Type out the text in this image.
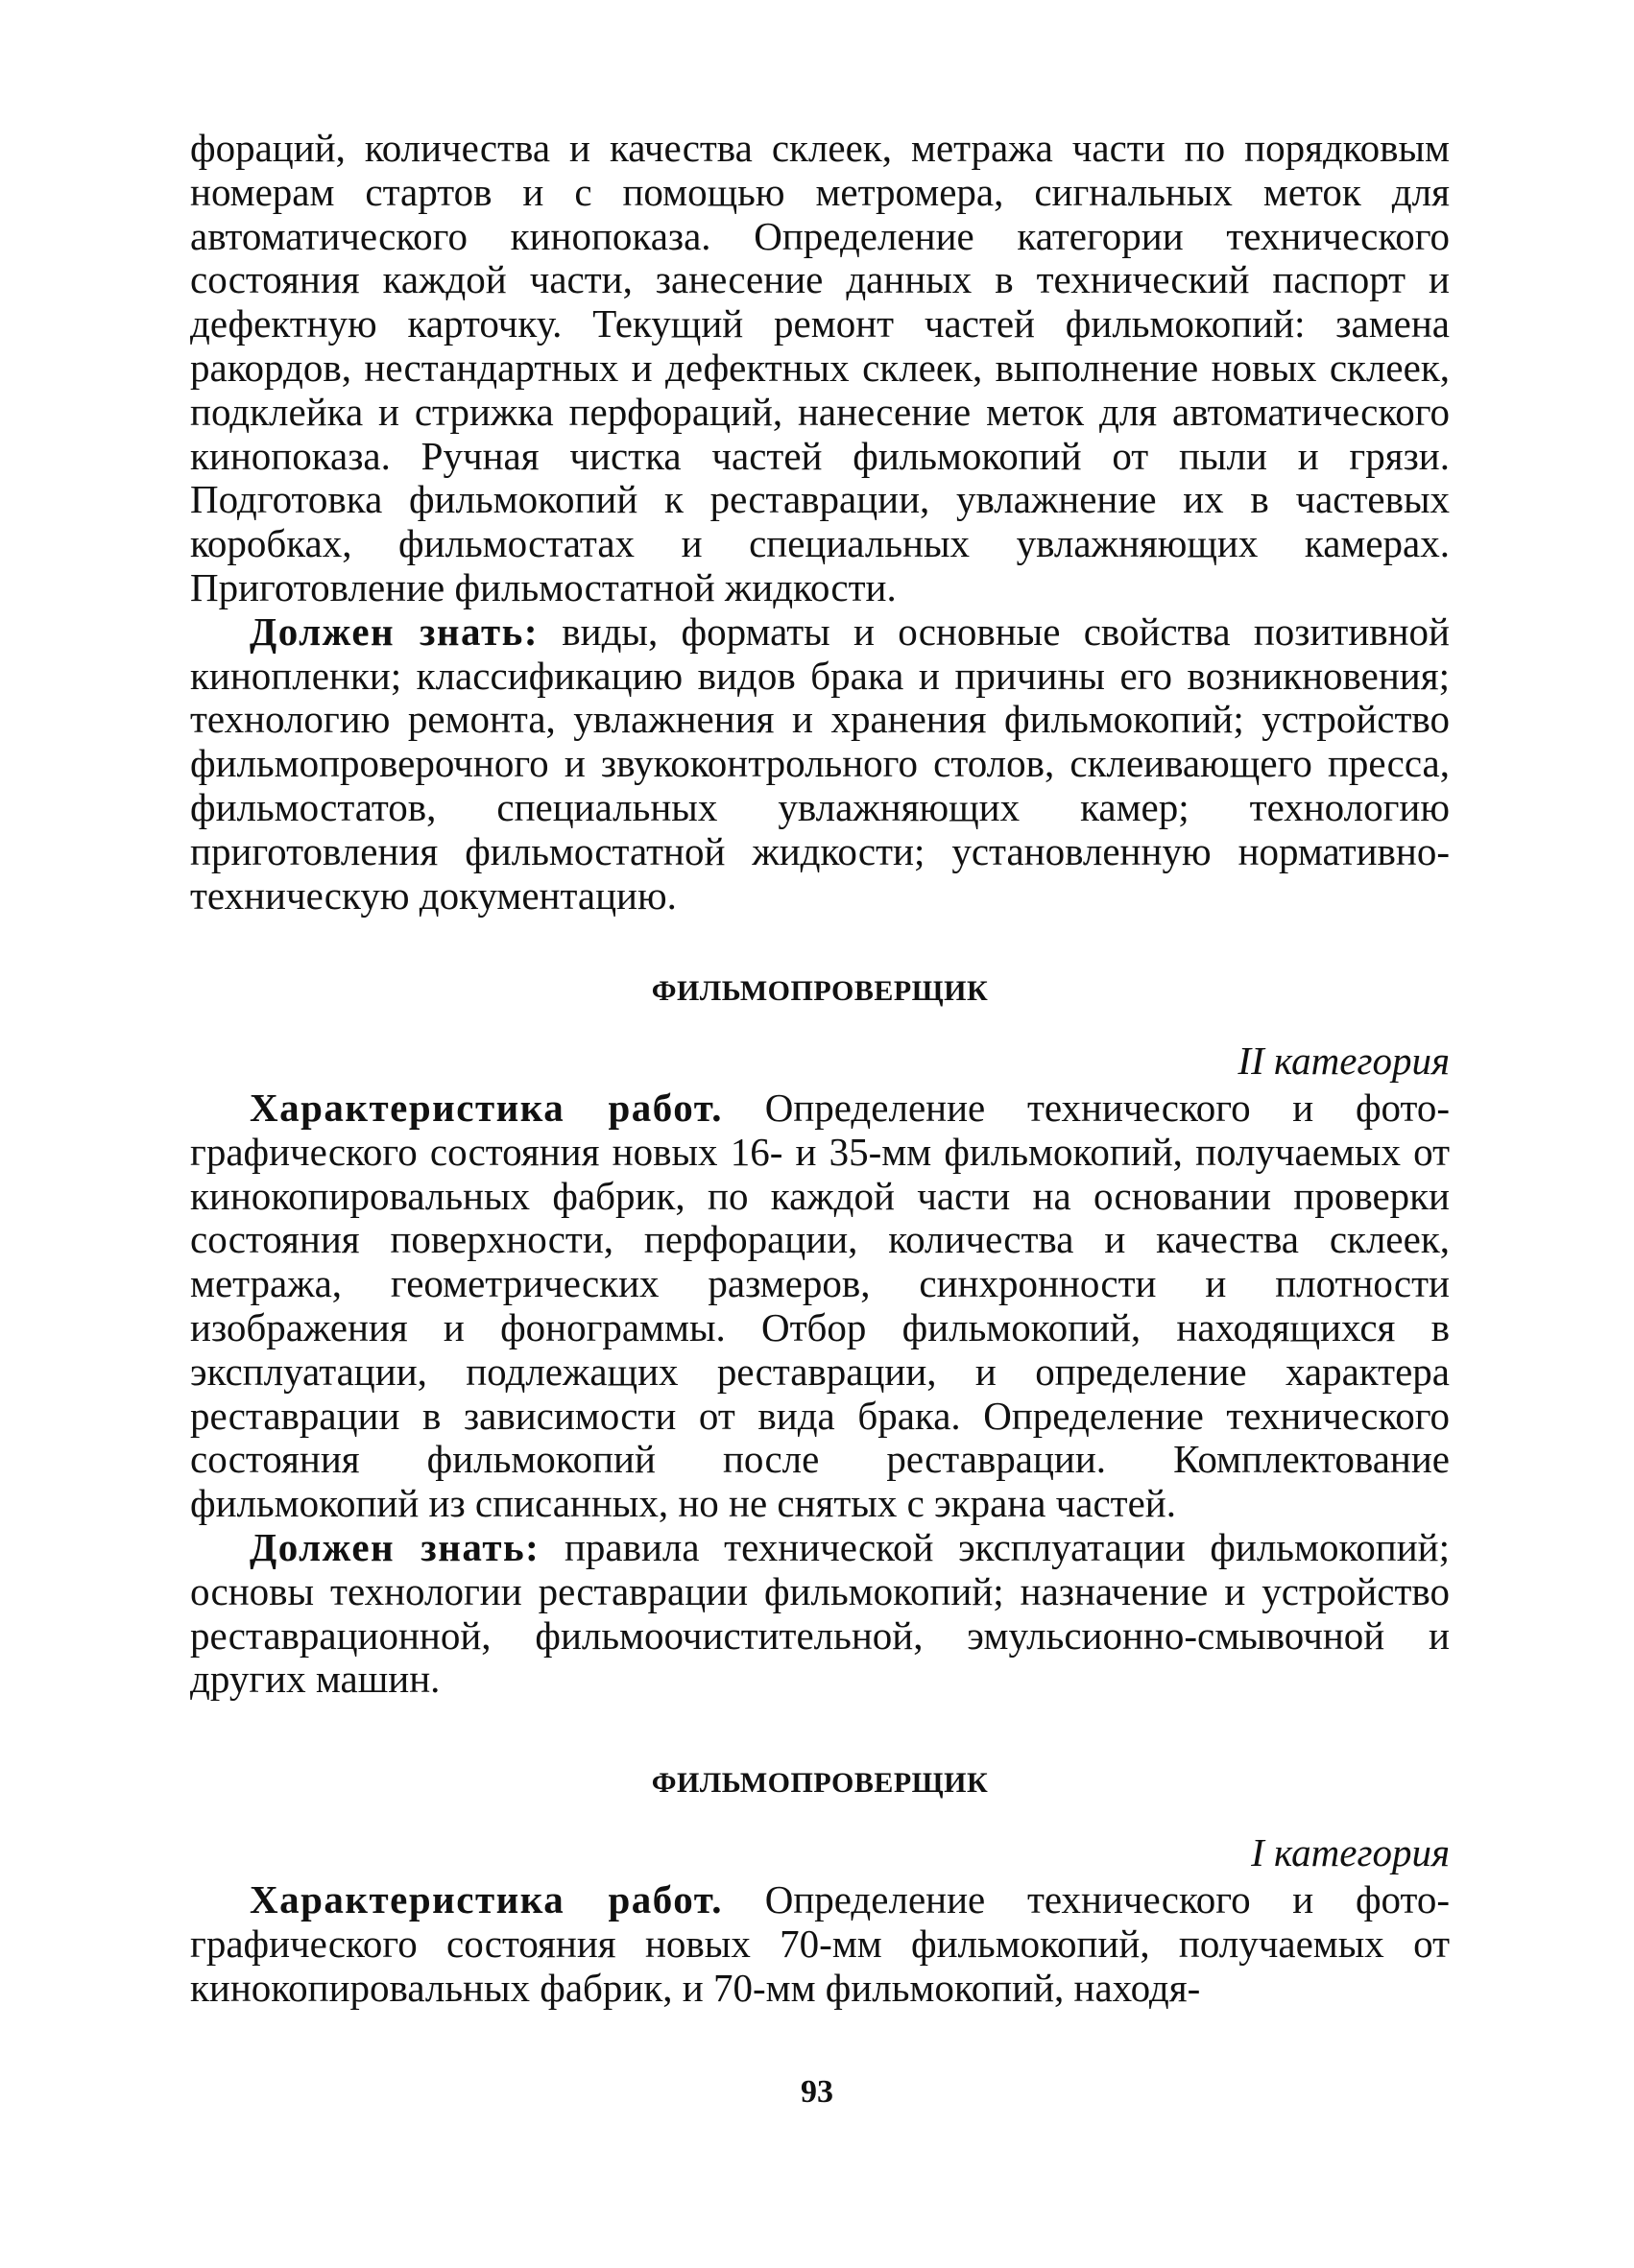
фораций, количества и качества склеек, метража части по порядковым номерам стартов и с помощью метромера, сигнальных меток для автоматического кинопоказа. Определение категории технического состояния каждой части, занесение данных в технический паспорт и дефектную карточку. Текущий ремонт частей фильмокопий: замена ракордов, нестандартных и дефектных склеек, выполнение новых склеек, подклейка и стрижка перфораций, нанесение меток для автоматического кинопоказа. Ручная чистка частей фильмокопий от пыли и грязи. Подготовка фильмокопий к реставрации, увлажнение их в частевых коробках, фильмостатах и специальных увлажняющих камерах. Приготовление фильмостатной жидкости.

Должен знать: виды, форматы и основные свойства позитивной кинопленки; классификацию видов брака и причины его возникновения; технологию ремонта, увлажнения и хранения фильмокопий; устройство фильмопроверочного и звукоконтрольного столов, склеивающего пресса, фильмостатов, специальных увлажняющих камер; технологию приготовления фильмостатной жидкости; установленную нормативно-техническую документацию.

ФИЛЬМОПРОВЕРЩИК
II категория

Характеристика работ. Определение технического и фотографического состояния новых 16- и 35-мм фильмокопий, получаемых от кинокопировальных фабрик, по каждой части на основании проверки состояния поверхности, перфорации, количества и качества склеек, метража, геометрических размеров, синхронности и плотности изображения и фонограммы. Отбор фильмокопий, находящихся в эксплуатации, подлежащих реставрации, и определение характера реставрации в зависимости от вида брака. Определение технического состояния фильмокопий после реставрации. Комплектование фильмокопий из списанных, но не снятых с экрана частей.

Должен знать: правила технической эксплуатации фильмокопий; основы технологии реставрации фильмокопий; назначение и устройство реставрационной, фильмоочистительной, эмульсионно-смывочной и других машин.

ФИЛЬМОПРОВЕРЩИК
I категория

Характеристика работ. Определение технического и фотографического состояния новых 70-мм фильмокопий, получаемых от кинокопировальных фабрик, и 70-мм фильмокопий, находя-

93
